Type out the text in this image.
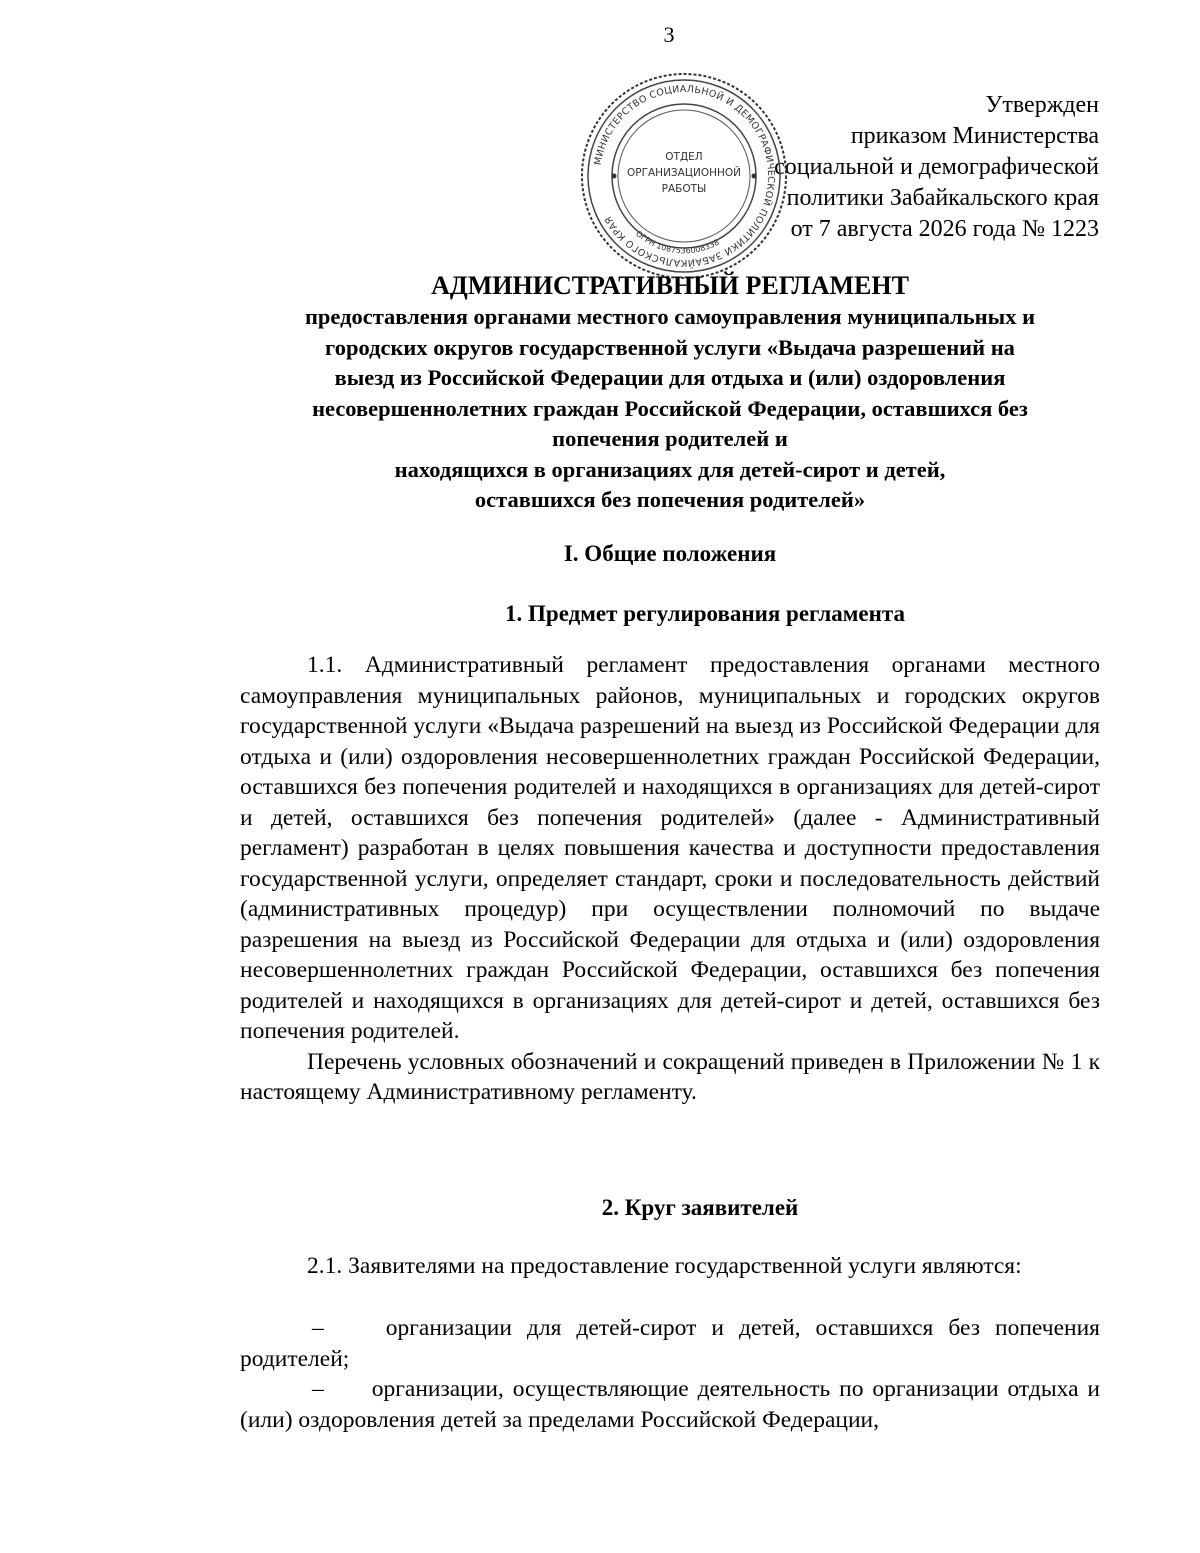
3
Утвержден
приказом Министерства
социальной и демографической
политики Забайкальского края
от 7 августа 2026 года № 1223
МИНИСТЕРСТВО СОЦИАЛЬНОЙ И ДЕМОГРАФИЧЕСКОЙ ПОЛИТИКИ ЗАБАЙКАЛЬСКОГО КРАЯ
ОГРН 1087536008338
ОТДЕЛ
ОРГАНИЗАЦИОННОЙ
РАБОТЫ

АДМИНИСТРАТИВНЫЙ РЕГЛАМЕНТ

предоставления органами местного самоуправления муниципальных и
городских округов государственной услуги «Выдача разрешений на
выезд из Российской Федерации для отдыха и (или) оздоровления
несовершеннолетних граждан Российской Федерации, оставшихся без
попечения родителей и
находящихся в организациях для детей-сирот и детей,
оставшихся без попечения родителей»
I. Общие положения
1. Предмет регулирования регламента

1.1. Административный регламент предоставления органами местного самоуправления муниципальных районов, муниципальных и городских округов государственной услуги «Выдача разрешений на выезд из Российской Федерации для отдыха и (или) оздоровления несовершеннолетних граждан Российской Федерации, оставшихся без попечения родителей и находящихся в организациях для детей-сирот и детей, оставшихся без попечения родителей» (далее - Административный регламент) разработан в целях повышения качества и доступности предоставления государственной услуги, определяет стандарт, сроки и последовательность действий (административных процедур) при осуществлении полномочий по выдаче разрешения на выезд из Российской Федерации для отдыха и (или) оздоровления несовершеннолетних граждан Российской Федерации, оставшихся без попечения родителей и находящихся в организациях для детей-сирот и детей, оставшихся без попечения родителей.

Перечень условных обозначений и сокращений приведен в Приложении № 1 к настоящему Административному регламенту.

2. Круг заявителей

2.1. Заявителями на предоставление государственной услуги являются:

–	организации для детей-сирот и детей, оставшихся без попечения родителей;

– организации, осуществляющие деятельность по организации отдыха и (или) оздоровления детей за пределами Российской Федерации,
